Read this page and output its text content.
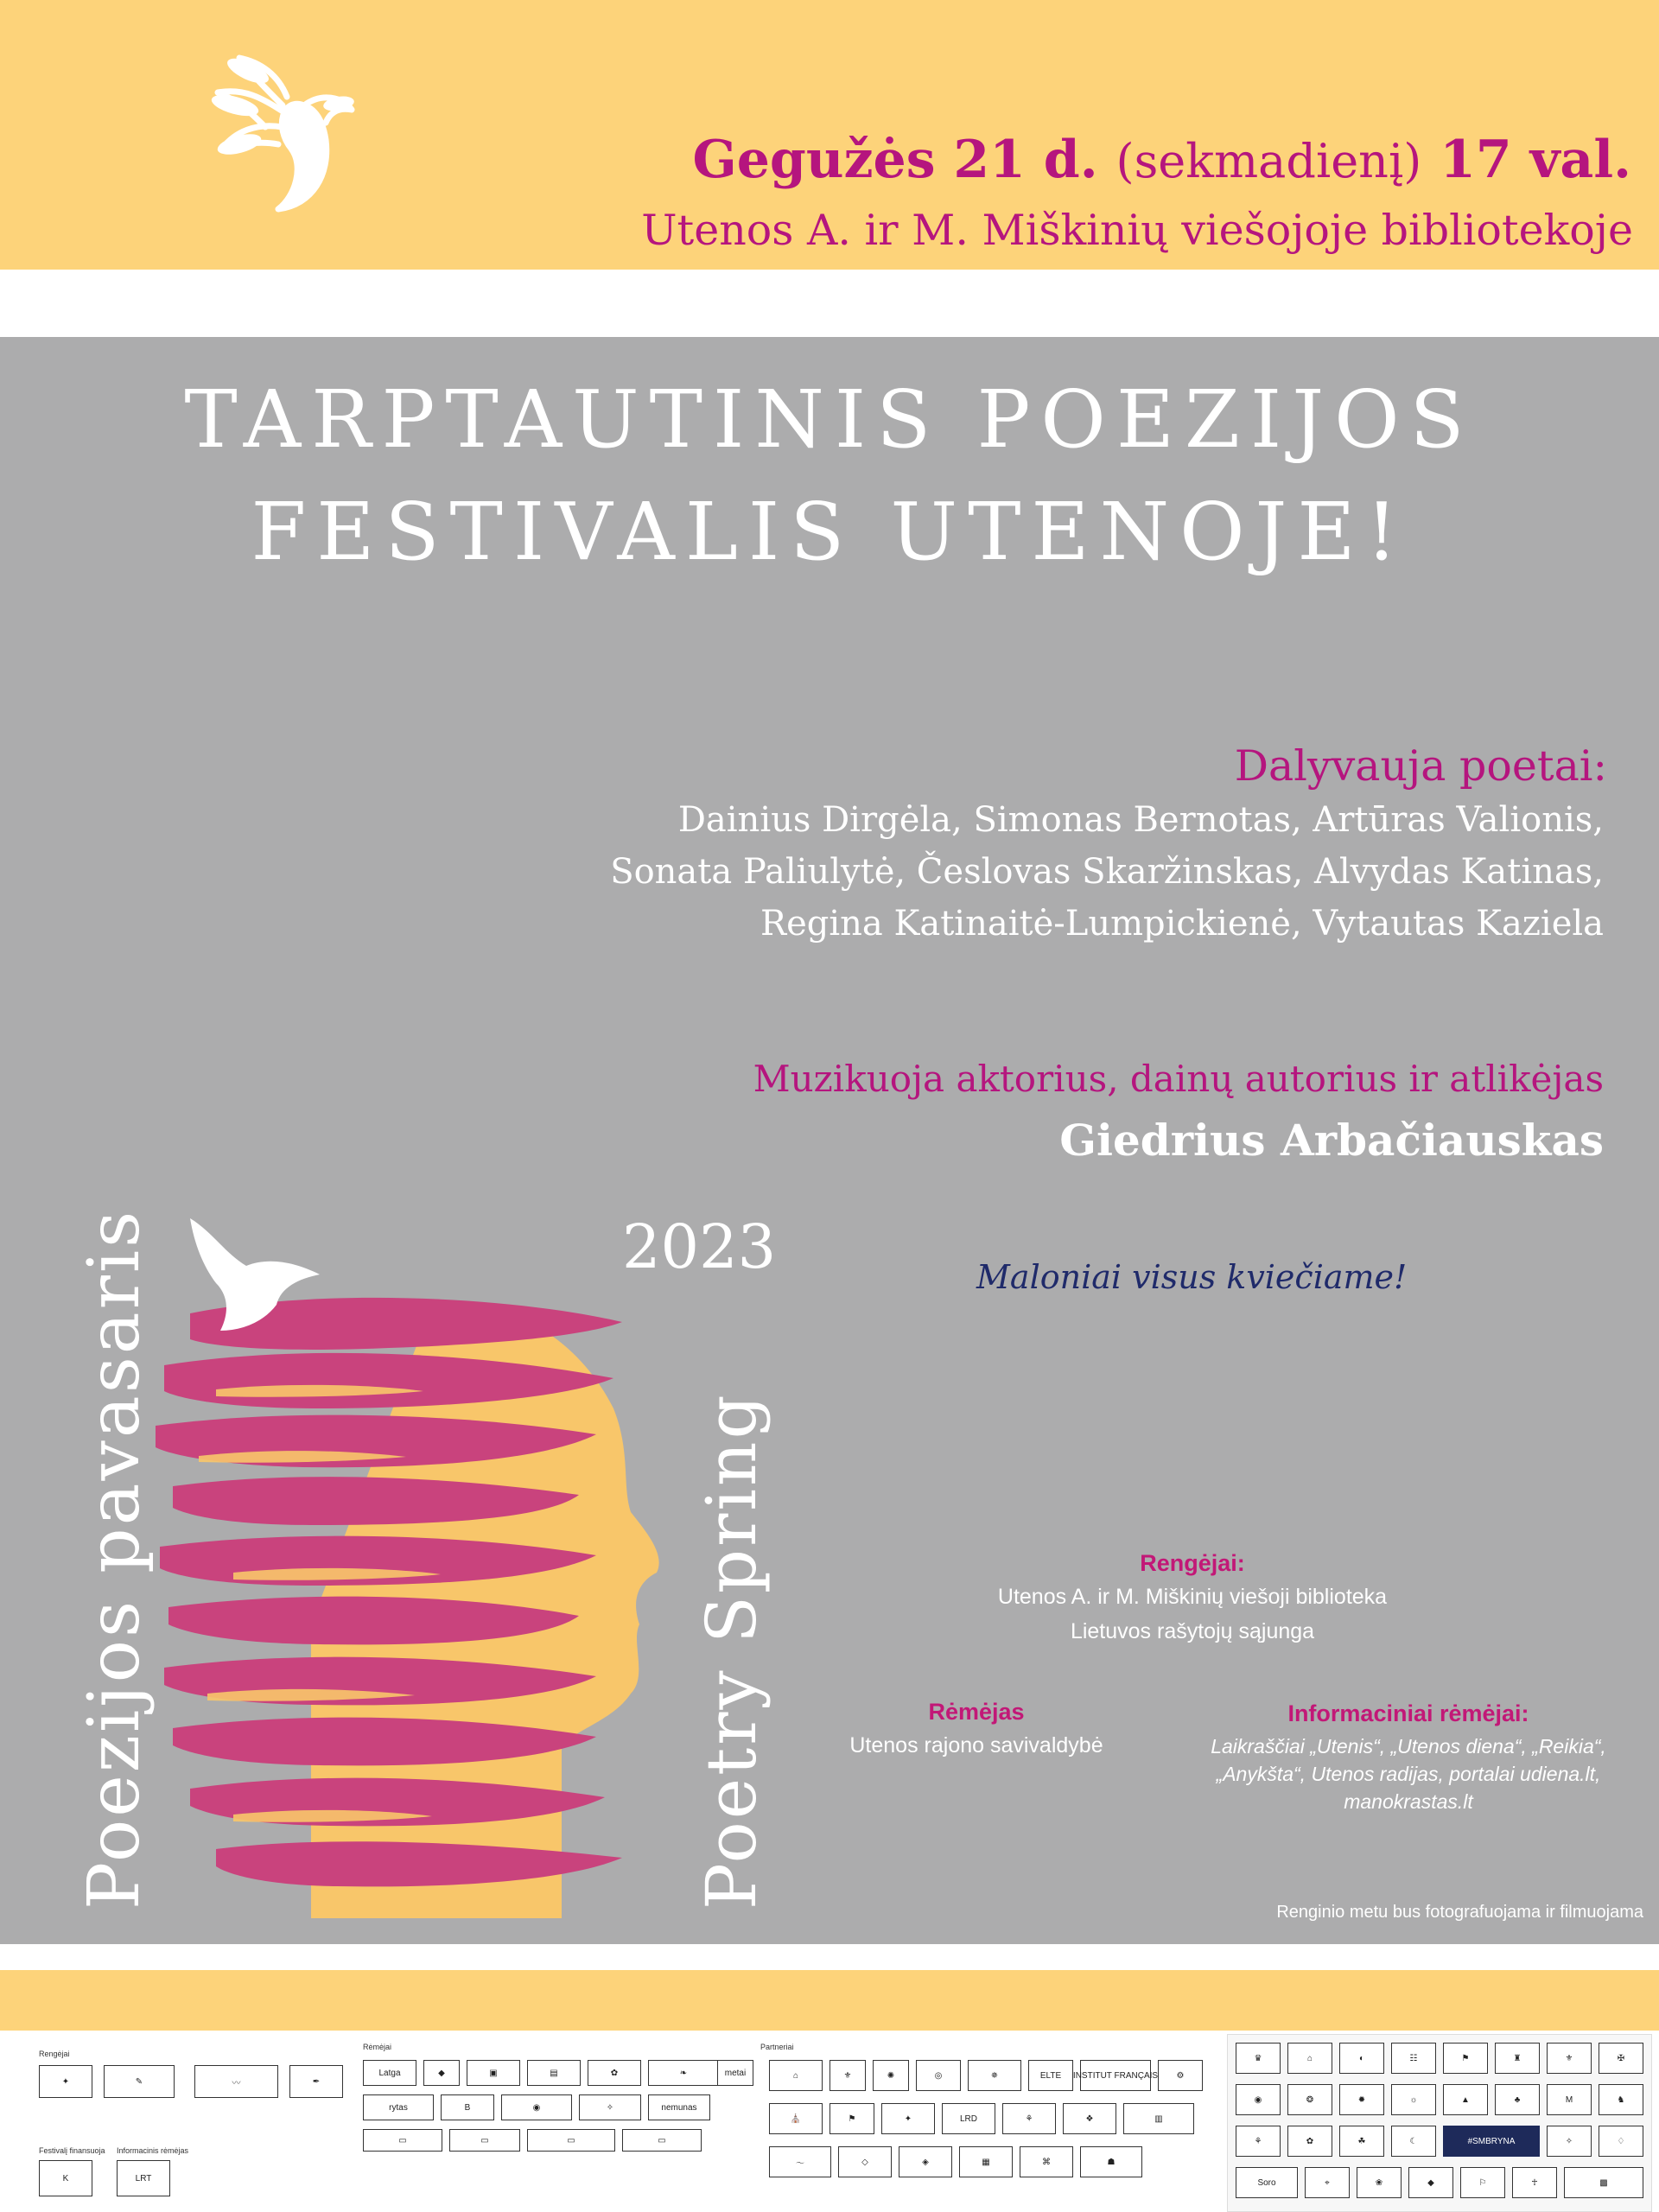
Gegužės 21 d. (sekmadienį) 17 val.
Utenos A. ir M. Miškinių viešojoje bibliotekoje
TARPTAUTINIS POEZIJOS
FESTIVALIS UTENOJE!
Dalyvauja poetai:
Dainius Dirgėla, Simonas Bernotas, Artūras Valionis,
Sonata Paliulytė, Česlovas Skaržinskas, Alvydas Katinas,
Regina Katinaitė-Lumpickienė, Vytautas Kaziela
Muzikuoja aktorius, dainų autorius ir atlikėjas
Giedrius Arbačiauskas
Maloniai visus kviečiame!
2023
Poezijos pavasaris	Poetry Spring	Rengėjai:
Utenos A. ir M. Miškinių viešoji biblioteka
Lietuvos rašytojų sąjunga
Rėmėjas
Utenos rajono savivaldybė
Informaciniai rėmėjai:
Laikraščiai „Utenis“, „Utenos diena“, „Reikia“,
„Anykšta“, Utenos radijas, portalai udiena.lt,
manokrastas.lt
Renginio metu bus fotografuojama ir filmuojama
Rengėjai
Festivalį finansuoja Informacinis rėmėjas
Rėmėjai	Partneriai
✦	✎	〰	✒
K	LRT
Latga	◆	▣	▤	✿	❧	metai
rytas	B	◉	✧	nemunas
▭	▭	▭	▭
⌂	⚜	✺	◎	✵	ELTE	INSTITUT FRANÇAIS	⚙
⛪	⚑	✦	LRD	⚘	❖	▥
〜	◇	◈	▦	⌘	☗
♛	⌂	◐	☷	⚑	♜	⚜	✠
◉	❂	✹	☼	▲	♣	M	♞
⚘	✿	☘	☾	#SMBRYNA	✧	♢
Soro	⌖	❀	◆	⚐	☥	▩
